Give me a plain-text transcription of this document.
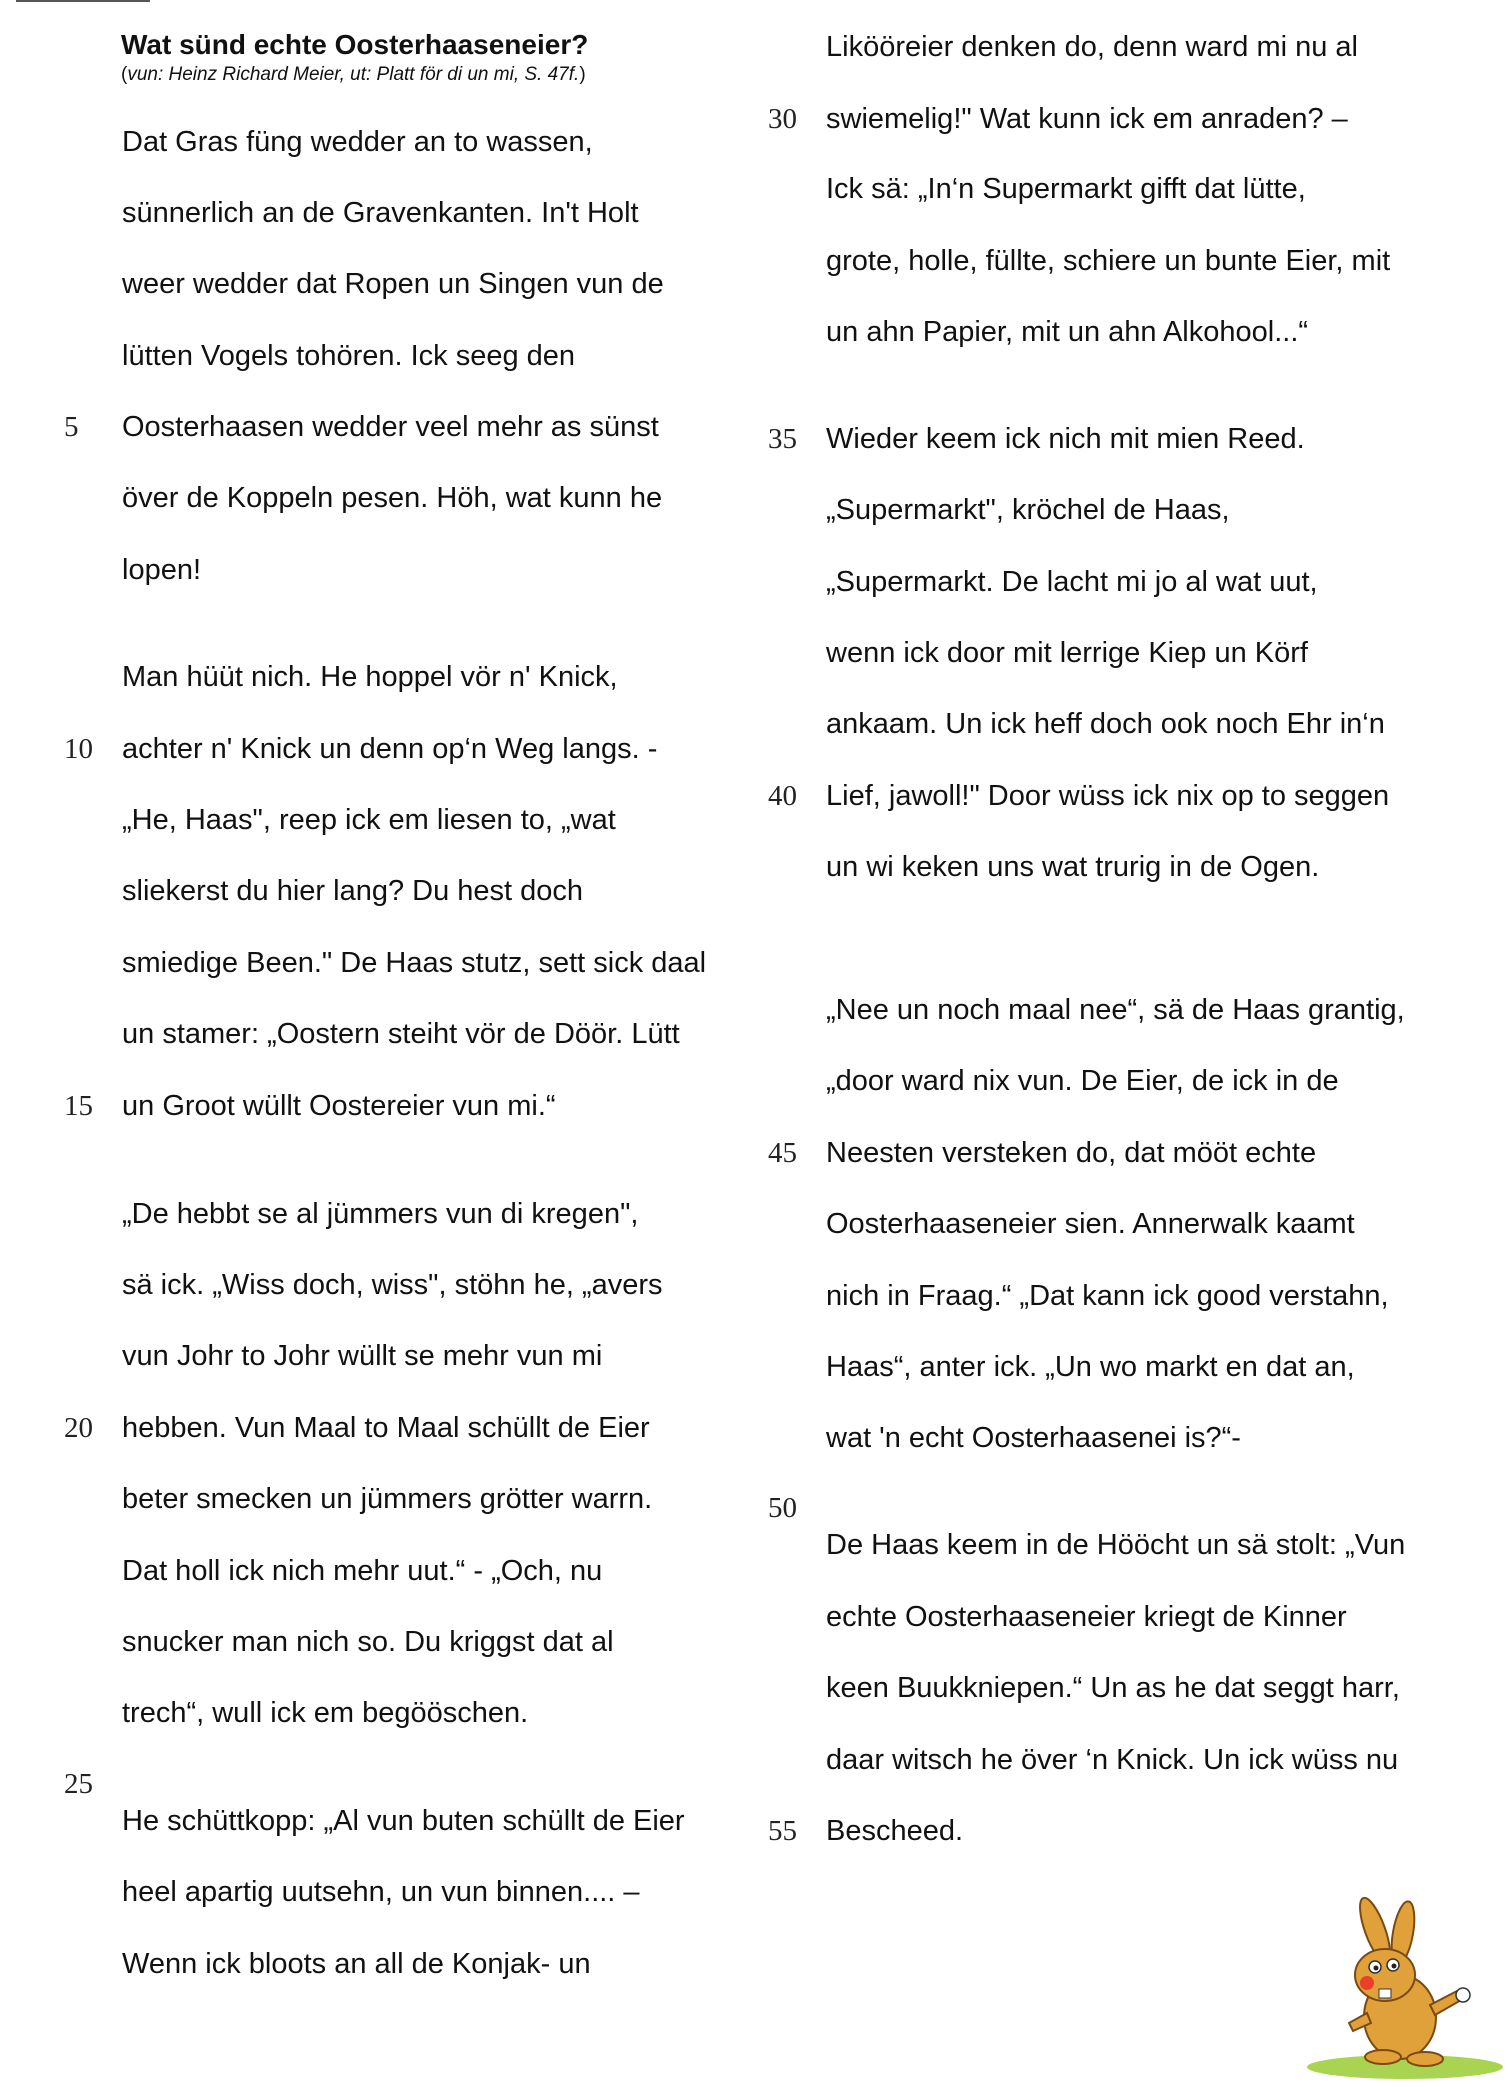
Wat sünd echte Oosterhaaseneier?
(vun: Heinz Richard Meier, ut: Platt för di un mi, S. 47f.)
Dat Gras füng wedder an to wassen,
sünnerlich an de Gravenkanten. In't Holt
weer wedder dat Ropen un Singen vun de
lütten Vogels tohören. Ick seeg den
Oosterhaasen wedder veel mehr as sünst
över de Koppeln pesen. Höh, wat kunn he
lopen!
Man hüüt nich. He hoppel vör n' Knick,
achter n' Knick un denn op‘n Weg langs. -
„He, Haas", reep ick em liesen to, „wat
sliekerst du hier lang? Du hest doch
smiedige Been." De Haas stutz, sett sick daal
un stamer: „Oostern steiht vör de Döör. Lütt
un Groot wüllt Oostereier vun mi.“
„De hebbt se al jümmers vun di kregen",
sä ick. „Wiss doch, wiss", stöhn he, „avers
vun Johr to Johr wüllt se mehr vun mi
hebben. Vun Maal to Maal schüllt de Eier
beter smecken un jümmers grötter warrn.
Dat holl ick nich mehr uut.“ - „Och, nu
snucker man nich so. Du kriggst dat al
trech“, wull ick em begööschen.
He schüttkopp: „Al vun buten schüllt de Eier
heel apartig uutsehn, un vun binnen.... –
Wenn ick bloots an all de Konjak- un
5
10
15
20
25
Likööreier denken do, denn ward mi nu al
swiemelig!" Wat kunn ick em anraden? –
Ick sä: „In‘n Supermarkt gifft dat lütte,
grote, holle, füllte, schiere un bunte Eier, mit
un ahn Papier, mit un ahn Alkohool...“
Wieder keem ick nich mit mien Reed.
„Supermarkt", kröchel de Haas,
„Supermarkt. De lacht mi jo al wat uut,
wenn ick door mit lerrige Kiep un Körf
ankaam. Un ick heff doch ook noch Ehr in‘n
Lief, jawoll!" Door wüss ick nix op to seggen
un wi keken uns wat trurig in de Ogen.
„Nee un noch maal nee“, sä de Haas grantig,
„door ward nix vun. De Eier, de ick in de
Neesten versteken do, dat mööt echte
Oosterhaaseneier sien. Annerwalk kaamt
nich in Fraag.“ „Dat kann ick good verstahn,
Haas“, anter ick. „Un wo markt en dat an,
wat 'n echt Oosterhaasenei is?“-
De Haas keem in de Hööcht un sä stolt: „Vun
echte Oosterhaaseneier kriegt de Kinner
keen Buukkniepen.“ Un as he dat seggt harr,
daar witsch he över ‘n Knick. Un ick wüss nu
Bescheed.
30
35
40
45
50
55
